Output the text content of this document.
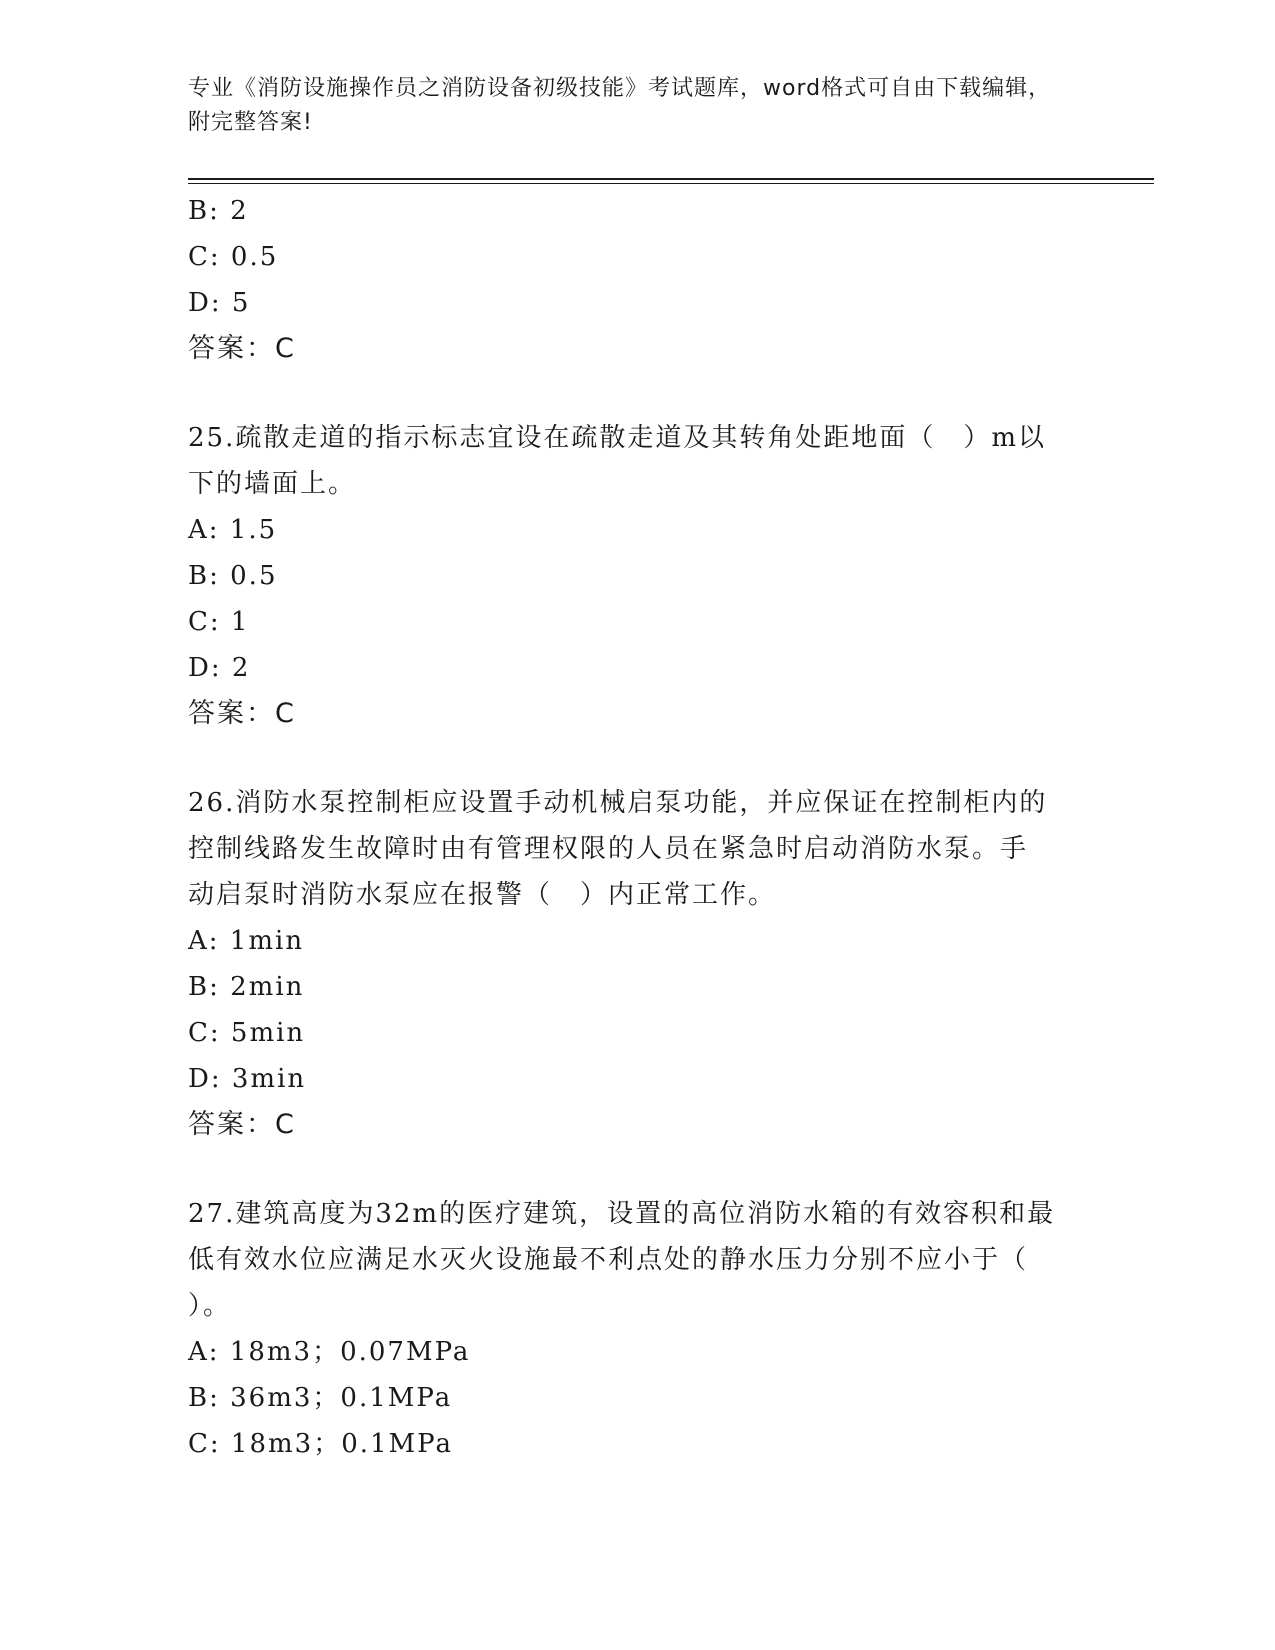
专业《消防设施操作员之消防设备初级技能》考试题库，word格式可自由下载编辑，附完整答案!
B: 2
C: 0.5
D: 5
答案：C
25.疏散走道的指示标志宜设在疏散走道及其转角处距地面（　）m以
下的墙面上。
A: 1.5
B: 0.5
C: 1
D: 2
答案：C
26.消防水泵控制柜应设置手动机械启泵功能，并应保证在控制柜内的
控制线路发生故障时由有管理权限的人员在紧急时启动消防水泵。手
动启泵时消防水泵应在报警（　）内正常工作。
A: 1min
B: 2min
C: 5min
D: 3min
答案：C
27.建筑高度为32m的医疗建筑，设置的高位消防水箱的有效容积和最
低有效水位应满足水灭火设施最不利点处的静水压力分别不应小于（
）。
A: 18m3；0.07MPa
B: 36m3；0.1MPa
C: 18m3；0.1MPa
